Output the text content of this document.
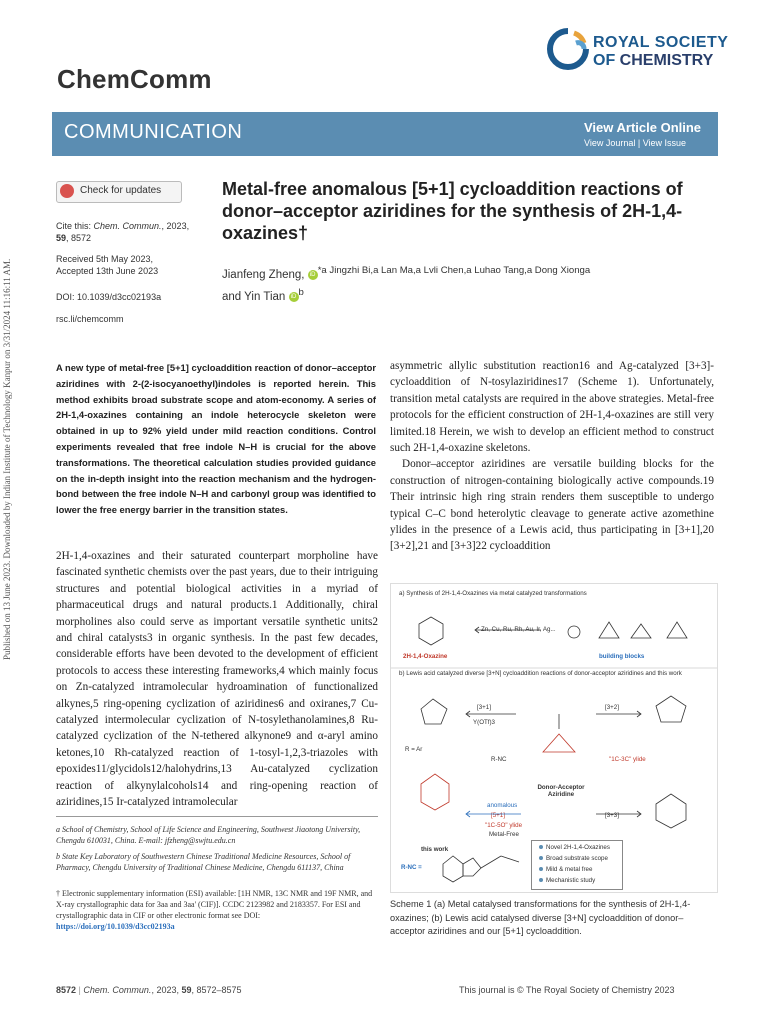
ChemComm
ROYAL SOCIETY
OF CHEMISTRY
COMMUNICATION	View Article Online
View Journal | View Issue
Published on 13 June 2023. Downloaded by Indian Institute of Technology Kanpur on 3/31/2024 11:16:11 AM.
Check for updates
Cite this: Chem. Commun., 2023,
59, 8572
Received 5th May 2023,
Accepted 13th June 2023
DOI: 10.1039/d3cc02193a
rsc.li/chemcomm
Metal-free anomalous [5+1] cycloaddition reactions of donor–acceptor aziridines for the synthesis of 2H-1,4-oxazines†
Jianfeng Zheng, iD $^{*a Jingzhi Bi,a Lan Ma,a Lvli Chen,a Luhao Tang,a Dong Xionga}$
and Yin Tian iD $^b$
A new type of metal-free [5+1] cycloaddition reaction of donor–acceptor aziridines with 2-(2-isocyanoethyl)indoles is reported herein. This method exhibits broad substrate scope and atom-economy. A series of 2H-1,4-oxazines containing an indole heterocycle skeleton were obtained in up to 92% yield under mild reaction conditions. Control experiments revealed that free indole N–H is crucial for the above transformations. The theoretical calculation studies provided guidance on the in-depth insight into the reaction mechanism and the hydrogen-bond between the free indole N–H and carbonyl group was identified to lower the free energy barrier in the transition states.
2H-1,4-oxazines and their saturated counterpart morpholine have fascinated synthetic chemists over the past years, due to their intriguing structures and potential biological activities in a myriad of pharmaceutical drugs and natural products.1 Additionally, chiral morpholines also could serve as important versatile synthetic units2 and chiral catalysts3 in organic synthesis. In the past few decades, considerable efforts have been devoted to the development of efficient protocols to access these interesting frameworks,4 which mainly focus on Zn-catalyzed intramolecular hydroamination of functionalized alkynes,5 ring-opening cyclization of aziridines6 and oxiranes,7 Cu-catalyzed intermolecular cyclization of N-tosylethanolamines,8 Ru-catalyzed cyclization of the N-tethered alkynone9 and α-aryl amino ketones,10 Rh-catalyzed reaction of 1-tosyl-1,2,3-triazoles with epoxides11/glycidols12/halohydrins,13 Au-catalyzed cyclization reaction of alkynylalcohols14 and ring-opening reaction of aziridines,15 Ir-catalyzed intramolecular
a School of Chemistry, School of Life Science and Engineering, Southwest Jiaotong University, Chengdu 610031, China. E-mail: jfzheng@swjtu.edu.cn
b State Key Laboratory of Southwestern Chinese Traditional Medicine Resources, School of Pharmacy, Chengdu University of Traditional Chinese Medicine, Chengdu 611137, China
† Electronic supplementary information (ESI) available: [1H NMR, 13C NMR and 19F NMR, and X-ray crystallographic data for 3aa and 3aa' (CIF)]. CCDC 2123982 and 2183357. For ESI and crystallographic data in CIF or other electronic format see DOI: https://doi.org/10.1039/d3cc02193a
asymmetric allylic substitution reaction16 and Ag-catalyzed [3+3]-cycloaddition of N-tosylaziridines17 (Scheme 1). Unfortunately, transition metal catalysts are required in the above strategies. Metal-free protocols for the efficient construction of 2H-1,4-oxazines are still very limited.18 Herein, we wish to develop an efficient method to construct such 2H-1,4-oxazine skeletons.
Donor–acceptor aziridines are versatile building blocks for the construction of nitrogen-containing biologically active compounds.19 Their intrinsic high ring strain renders them susceptible to undergo typical C–C bond heterolytic cleavage to generate active azomethine ylides in the presence of a Lewis acid, thus participating in [3+1],20 [3+2],21 and [3+3]22 cycloaddition
a) Synthesis of 2H-1,4-Oxazines via metal catalyzed transformations
Zn, Cu, Ru, Rh, Au, Ir, Ag...
2H-1,4-Oxazine	building blocks
b) Lewis acid catalyzed diverse [3+N] cycloaddition reactions of donor-acceptor aziridines and this work
[3+1]
Y(OTf)3
[3+2]
R = Ar
R-NC	"1C-3C" ylide
Donor-Acceptor Aziridine
anomalous
[5+1]
"1C-5O" ylide
Metal-Free
[3+3]
this work
R-NC =
Novel 2H-1,4-Oxazines
Broad substrate scope
Mild & metal free
Mechanistic study
Scheme 1 (a) Metal catalysed transformations for the synthesis of 2H-1,4-oxazines; (b) Lewis acid catalysed diverse [3+N] cycloaddition of donor–acceptor aziridines and our [5+1] cycloaddition.
8572 | Chem. Commun., 2023, 59, 8572–8575	This journal is © The Royal Society of Chemistry 2023
